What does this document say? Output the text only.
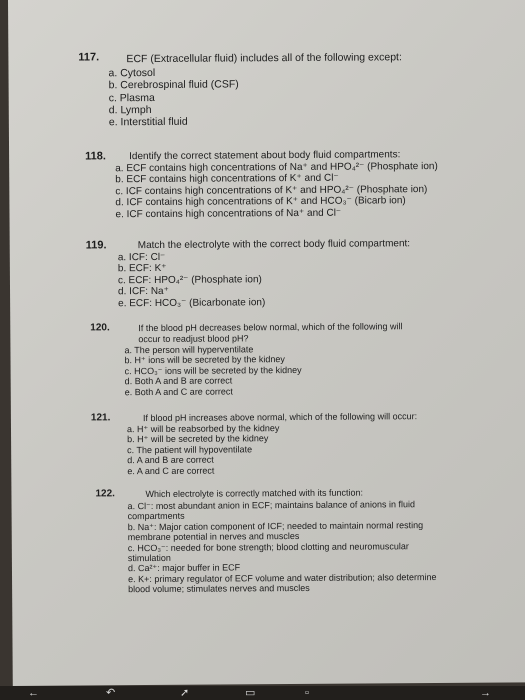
117.	ECF (Extracellular fluid) includes all of the following except:
a. Cytosol
b. Cerebrospinal fluid (CSF)
c. Plasma
d. Lymph
e. Interstitial fluid
118. Identify the correct statement about body fluid compartments:
a. ECF contains high concentrations of Na⁺ and HPO₄²⁻ (Phosphate ion)
b. ECF contains high concentrations of K⁺ and Cl⁻
c. ICF contains high concentrations of K⁺ and HPO₄²⁻ (Phosphate ion)
d. ICF contains high concentrations of K⁺ and HCO₃⁻ (Bicarb ion)
e. ICF contains high concentrations of Na⁺ and Cl⁻
119.	Match the electrolyte with the correct body fluid compartment:
a. ICF: Cl⁻
b. ECF: K⁺
c. ECF: HPO₄²⁻ (Phosphate ion)
d. ICF: Na⁺
e. ECF: HCO₃⁻ (Bicarbonate ion)
120.	If the blood pH decreases below normal, which of the following will
occur to readjust blood pH?
a. The person will hyperventilate
b. H⁺ ions will be secreted by the kidney
c. HCO₃⁻ ions will be secreted by the kidney
d. Both A and B are correct
e. Both A and C are correct
121.	If blood pH increases above normal, which of the following will occur:
a. H⁺ will be reabsorbed by the kidney
b. H⁺ will be secreted by the kidney
c. The patient will hypoventilate
d. A and B are correct
e. A and C are correct
122.	Which electrolyte is correctly matched with its function:
a. Cl⁻: most abundant anion in ECF; maintains balance of anions in fluid compartments
b. Na⁺: Major cation component of ICF; needed to maintain normal resting membrane potential in nerves and muscles
c. HCO₃⁻: needed for bone strength; blood clotting and neuromuscular stimulation
d. Ca²⁺: major buffer in ECF
e. K+: primary regulator of ECF volume and water distribution; also determine blood volume; stimulates nerves and muscles
←	↶	➚	▭	▫	→
